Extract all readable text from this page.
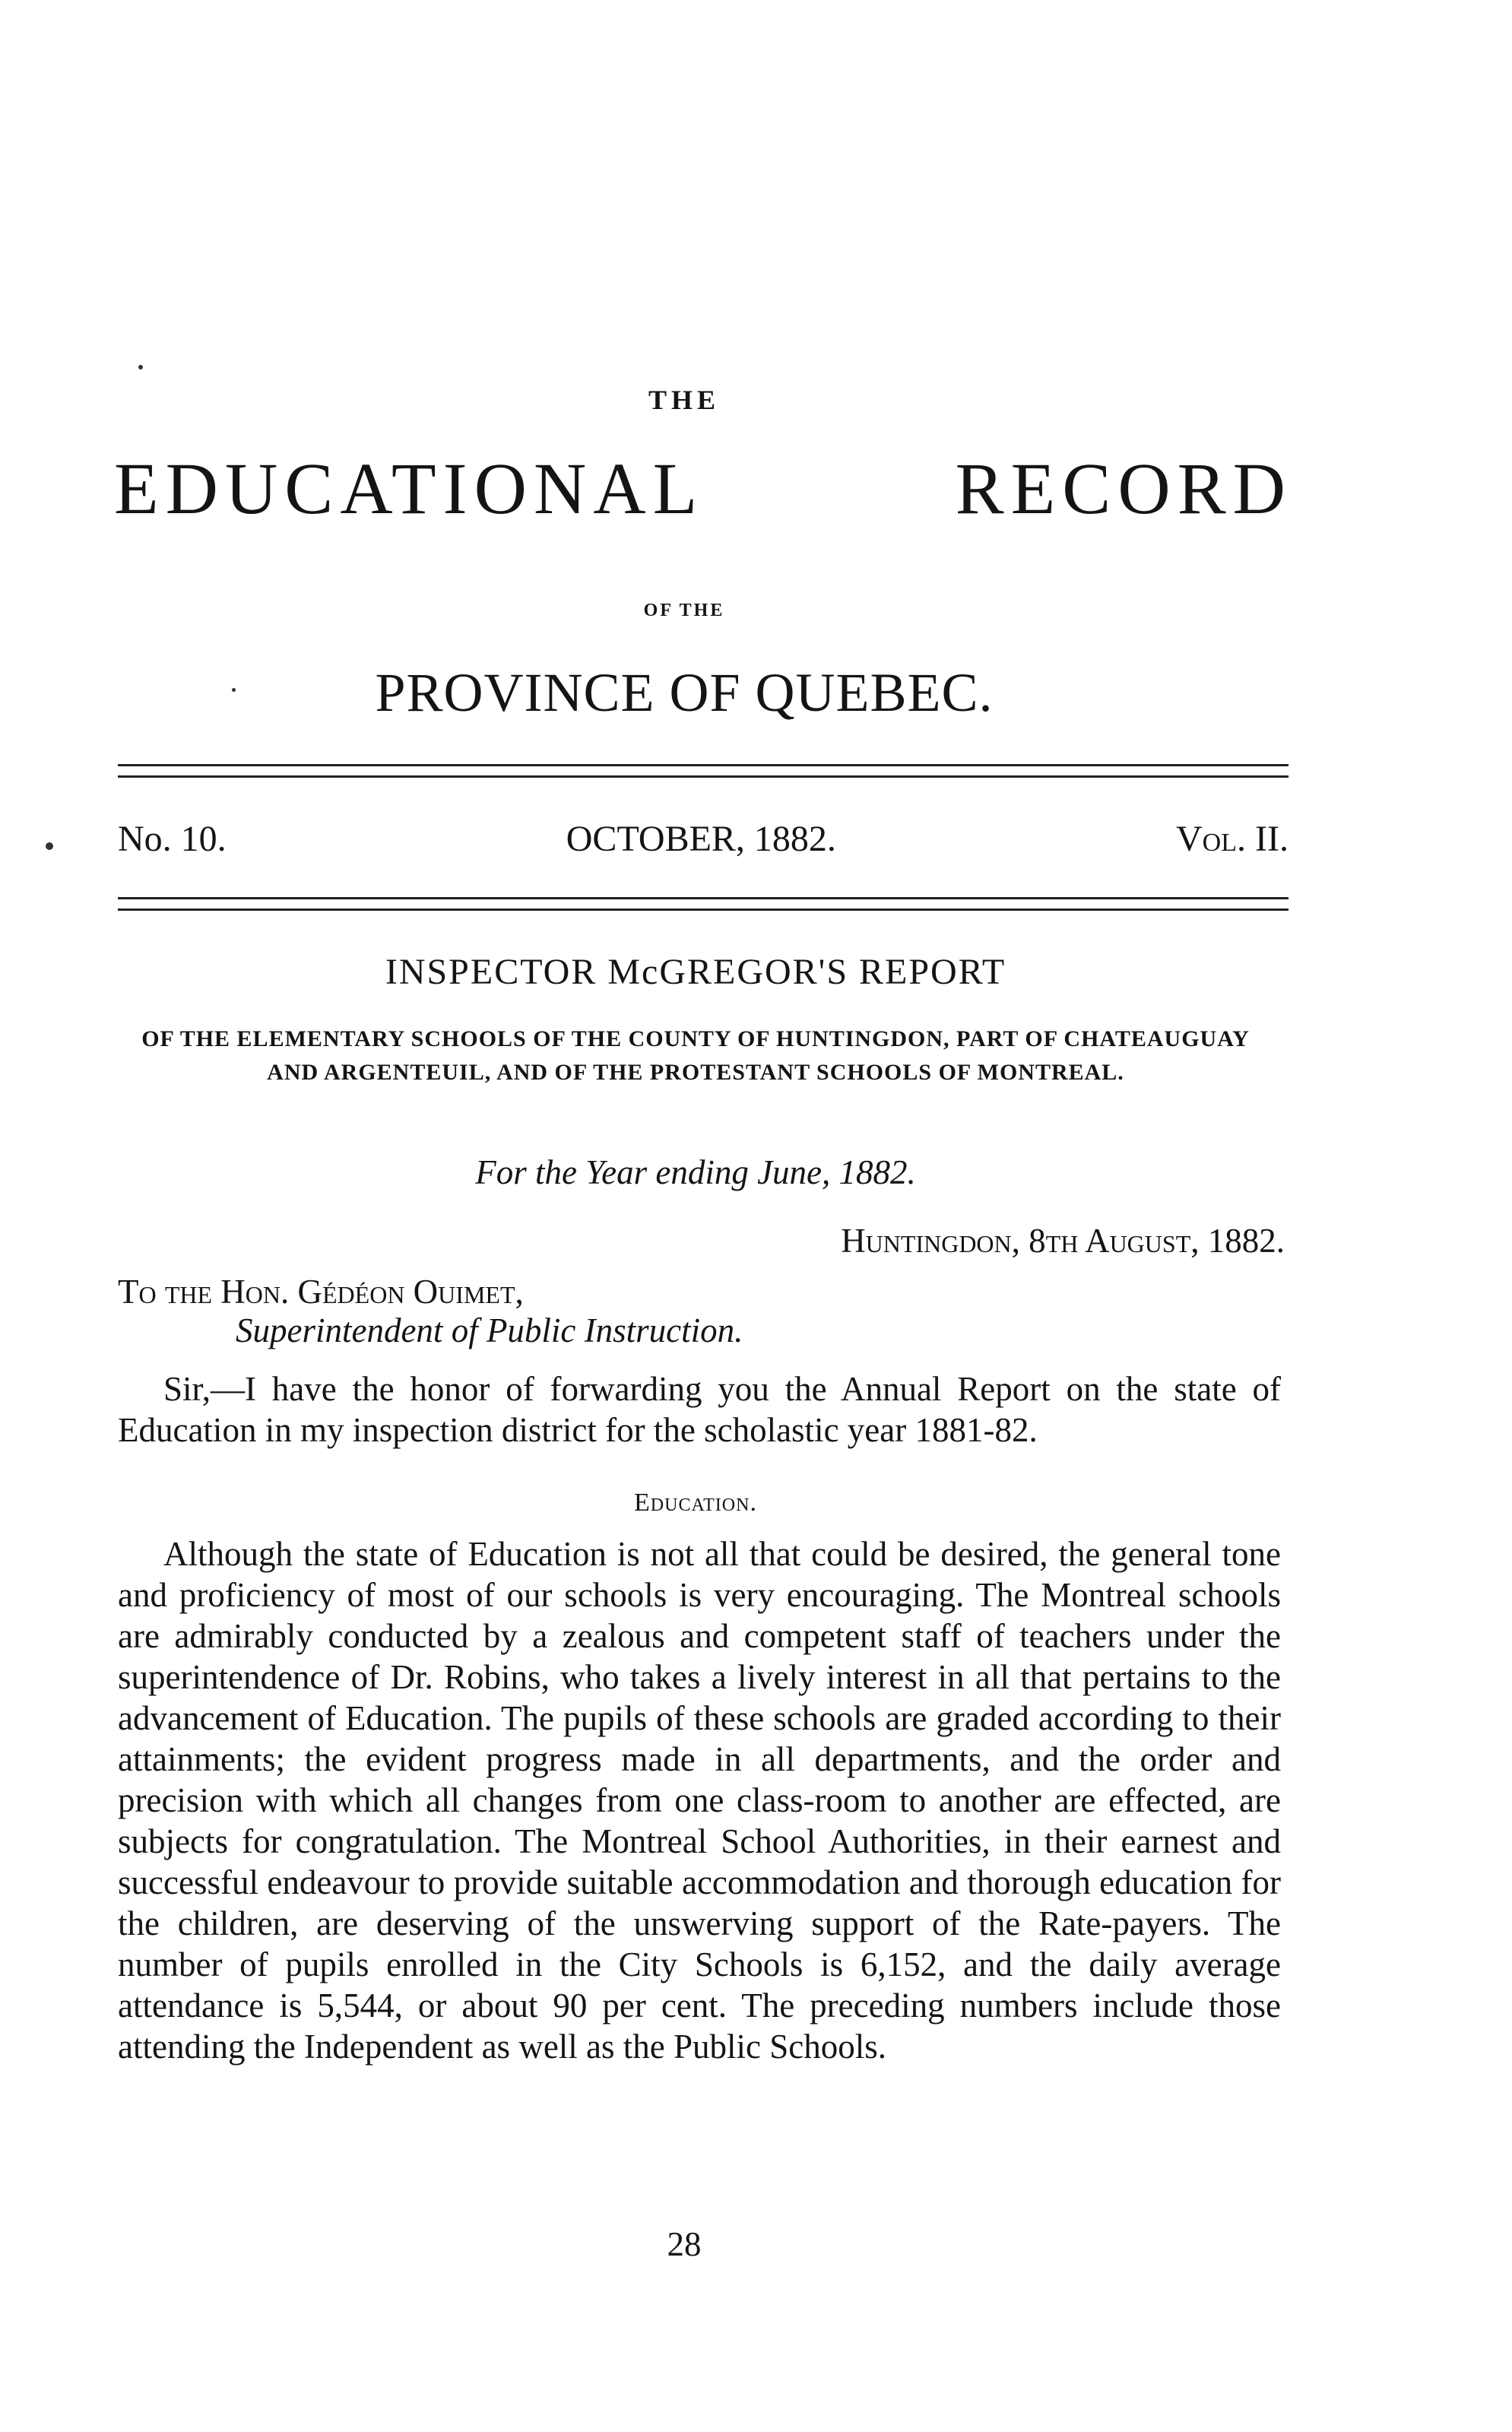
THE
EDUCATIONAL	RECORD
OF THE
PROVINCE OF QUEBEC.
No. 10.	OCTOBER, 1882.	Vol. II.
INSPECTOR McGREGOR'S REPORT
OF THE ELEMENTARY SCHOOLS OF THE COUNTY OF HUNTINGDON, PART OF CHATEAUGUAY AND ARGENTEUIL, AND OF THE PROTESTANT SCHOOLS OF MONTREAL.
For the Year ending June, 1882.
Huntingdon, 8th August, 1882.
To the Hon. Gédéon Ouimet,
Superintendent of Public Instruction.
Sir,—I have the honor of forwarding you the Annual Report on the state of Education in my inspection district for the scholastic year 1881-82.
Education.
Although the state of Education is not all that could be desired, the general tone and proficiency of most of our schools is very encouraging. The Montreal schools are admirably conducted by a zealous and competent staff of teachers under the superintendence of Dr. Robins, who takes a lively interest in all that pertains to the advancement of Education. The pupils of these schools are graded according to their attainments; the evident progress made in all departments, and the order and precision with which all changes from one class-room to another are effected, are subjects for congratulation. The Montreal School Authorities, in their earnest and successful endeavour to provide suitable accommodation and thorough education for the children, are deserving of the unswerving support of the Rate-payers. The number of pupils enrolled in the City Schools is 6,152, and the daily average attendance is 5,544, or about 90 per cent. The preceding numbers include those attending the Independent as well as the Public Schools.
28
